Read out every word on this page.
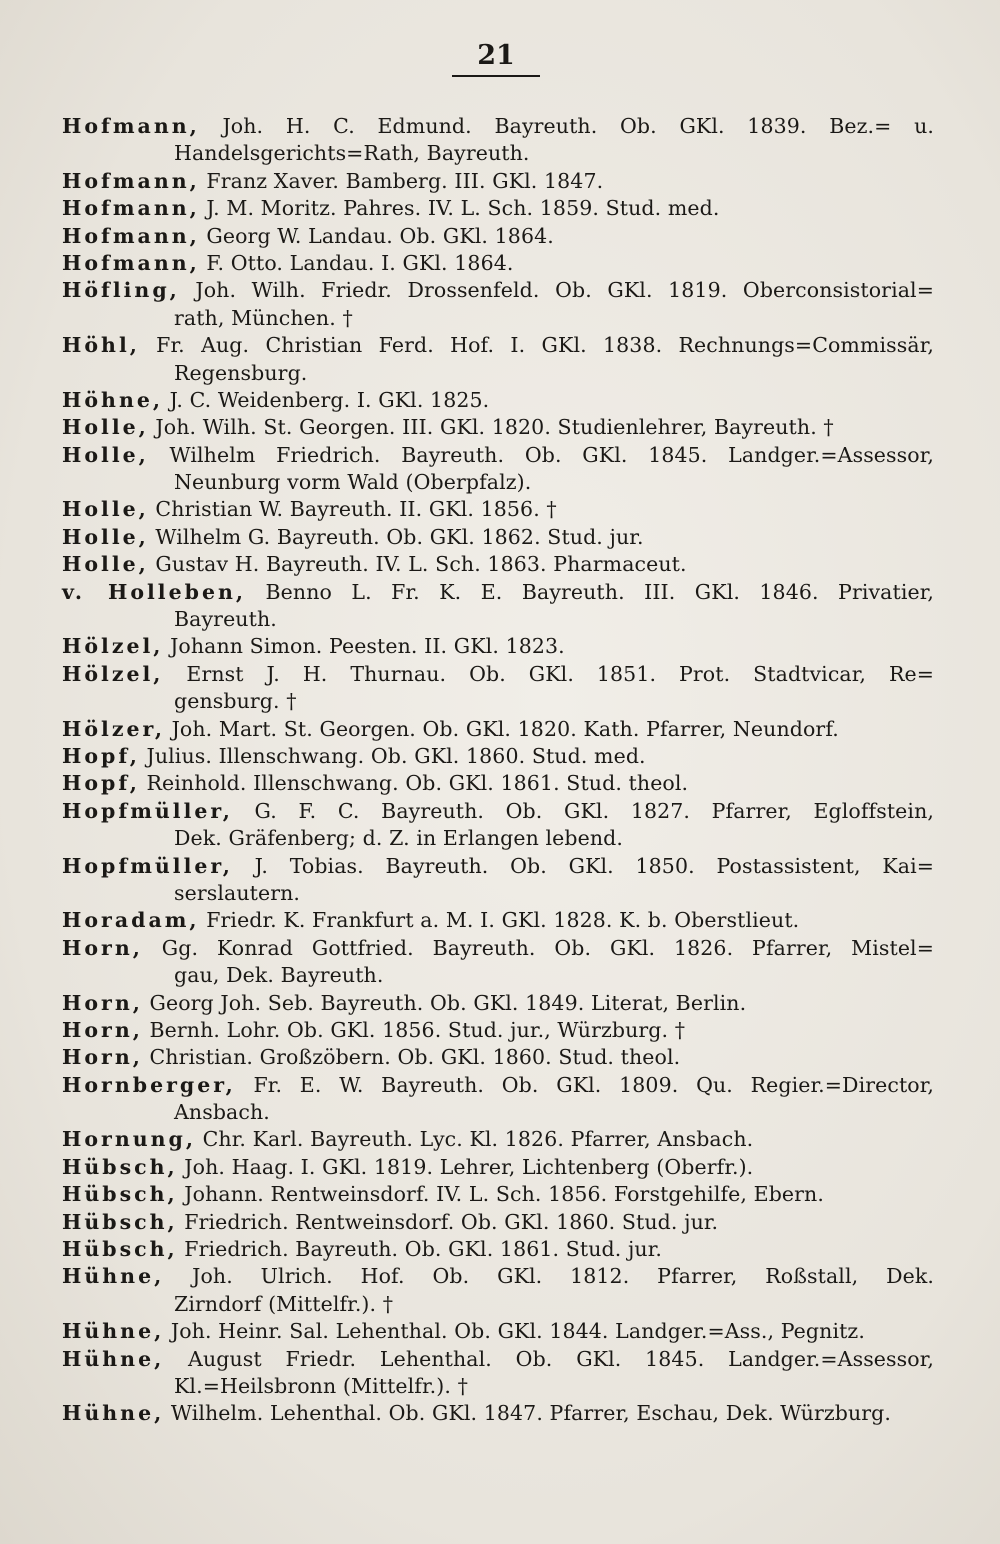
21
Hofmann, Joh. H. C. Edmund. Bayreuth. Ob. GKl. 1839. Bez.= u.
Handelsgerichts=Rath, Bayreuth.
Hofmann, Franz Xaver. Bamberg. III. GKl. 1847.
Hofmann, J. M. Moritz. Pahres. IV. L. Sch. 1859. Stud. med.
Hofmann, Georg W. Landau. Ob. GKl. 1864.
Hofmann, F. Otto. Landau. I. GKl. 1864.
Höfling, Joh. Wilh. Friedr. Drossenfeld. Ob. GKl. 1819. Oberconsistorial=
rath, München. †
Höhl, Fr. Aug. Christian Ferd. Hof. I. GKl. 1838. Rechnungs=Commissär,
Regensburg.
Höhne, J. C. Weidenberg. I. GKl. 1825.
Holle, Joh. Wilh. St. Georgen. III. GKl. 1820. Studienlehrer, Bayreuth. †
Holle, Wilhelm Friedrich. Bayreuth. Ob. GKl. 1845. Landger.=Assessor,
Neunburg vorm Wald (Oberpfalz).
Holle, Christian W. Bayreuth. II. GKl. 1856. †
Holle, Wilhelm G. Bayreuth. Ob. GKl. 1862. Stud. jur.
Holle, Gustav H. Bayreuth. IV. L. Sch. 1863. Pharmaceut.
v. Holleben, Benno L. Fr. K. E. Bayreuth. III. GKl. 1846. Privatier,
Bayreuth.
Hölzel, Johann Simon. Peesten. II. GKl. 1823.
Hölzel, Ernst J. H. Thurnau. Ob. GKl. 1851. Prot. Stadtvicar, Re=
gensburg. †
Hölzer, Joh. Mart. St. Georgen. Ob. GKl. 1820. Kath. Pfarrer, Neundorf.
Hopf, Julius. Illenschwang. Ob. GKl. 1860. Stud. med.
Hopf, Reinhold. Illenschwang. Ob. GKl. 1861. Stud. theol.
Hopfmüller, G. F. C. Bayreuth. Ob. GKl. 1827. Pfarrer, Egloffstein,
Dek. Gräfenberg; d. Z. in Erlangen lebend.
Hopfmüller, J. Tobias. Bayreuth. Ob. GKl. 1850. Postassistent, Kai=
serslautern.
Horadam, Friedr. K. Frankfurt a. M. I. GKl. 1828. K. b. Oberstlieut.
Horn, Gg. Konrad Gottfried. Bayreuth. Ob. GKl. 1826. Pfarrer, Mistel=
gau, Dek. Bayreuth.
Horn, Georg Joh. Seb. Bayreuth. Ob. GKl. 1849. Literat, Berlin.
Horn, Bernh. Lohr. Ob. GKl. 1856. Stud. jur., Würzburg. †
Horn, Christian. Großzöbern. Ob. GKl. 1860. Stud. theol.
Hornberger, Fr. E. W. Bayreuth. Ob. GKl. 1809. Qu. Regier.=Director,
Ansbach.
Hornung, Chr. Karl. Bayreuth. Lyc. Kl. 1826. Pfarrer, Ansbach.
Hübsch, Joh. Haag. I. GKl. 1819. Lehrer, Lichtenberg (Oberfr.).
Hübsch, Johann. Rentweinsdorf. IV. L. Sch. 1856. Forstgehilfe, Ebern.
Hübsch, Friedrich. Rentweinsdorf. Ob. GKl. 1860. Stud. jur.
Hübsch, Friedrich. Bayreuth. Ob. GKl. 1861. Stud. jur.
Hühne, Joh. Ulrich. Hof. Ob. GKl. 1812. Pfarrer, Roßstall, Dek.
Zirndorf (Mittelfr.). †
Hühne, Joh. Heinr. Sal. Lehenthal. Ob. GKl. 1844. Landger.=Ass., Pegnitz.
Hühne, August Friedr. Lehenthal. Ob. GKl. 1845. Landger.=Assessor,
Kl.=Heilsbronn (Mittelfr.). †
Hühne, Wilhelm. Lehenthal. Ob. GKl. 1847. Pfarrer, Eschau, Dek. Würzburg.
